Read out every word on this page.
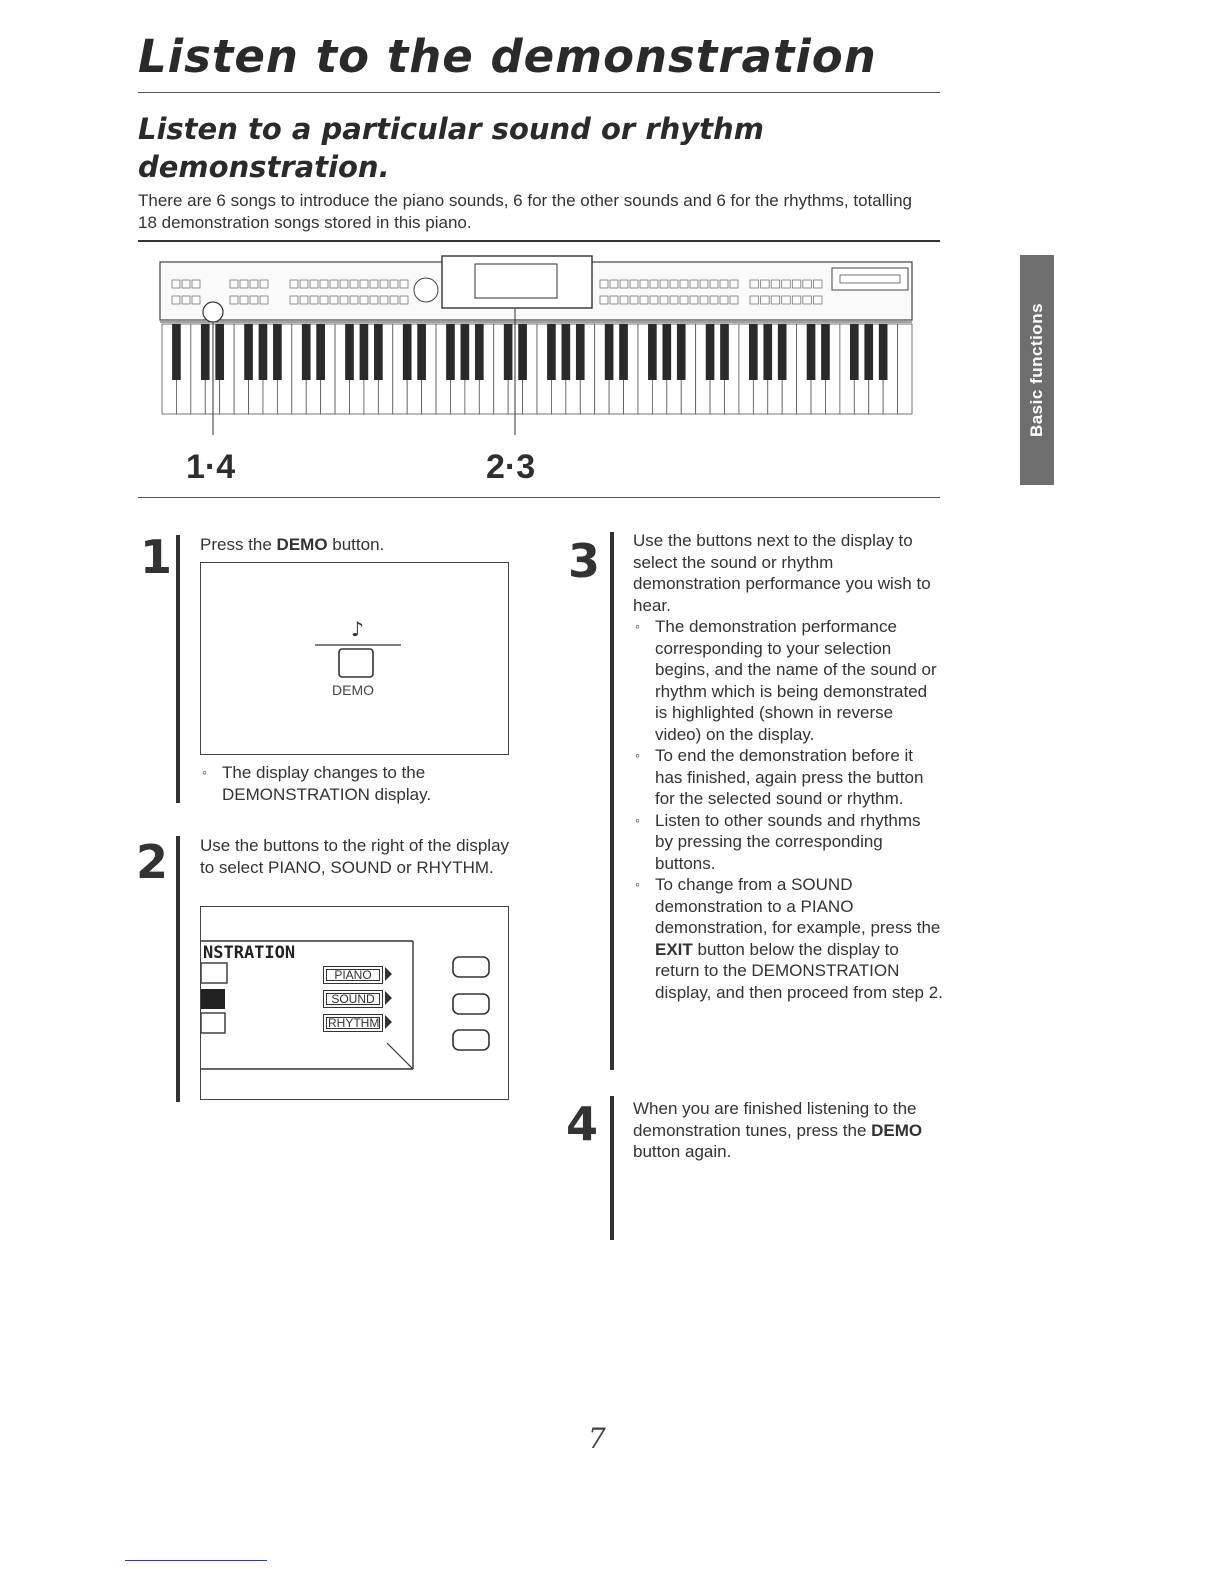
Listen to the demonstration
Listen to a particular sound or rhythm
demonstration.

There are 6 songs to introduce the piano sounds, 6 for the other sounds and 6 for the rhythms, totalling 18 demonstration songs stored in this piano.

Basic functions
1·4	2·3
1 Press the DEMO button.

♪
DEMO
◦ The display changes to the DEMONSTRATION display.
2 Use the buttons to the right of the display to select PIANO, SOUND or RHYTHM.

NSTRATION
PIANO
SOUND
RHYTHM
3 Use the buttons next to the display to select the sound or rhythm demonstration performance you wish to hear.

◦ The demonstration performance corresponding to your selection begins, and the name of the sound or rhythm which is being demonstrated is highlighted (shown in reverse video) on the display.
◦ To end the demonstration before it has finished, again press the button for the selected sound or rhythm.
◦ Listen to other sounds and rhythms by pressing the corresponding buttons.
◦ To change from a SOUND demonstration to a PIANO demonstration, for example, press the EXIT button below the display to return to the DEMONSTRATION display, and then proceed from step 2.
4 When you are finished listening to the demonstration tunes, press the DEMO button again.

7
